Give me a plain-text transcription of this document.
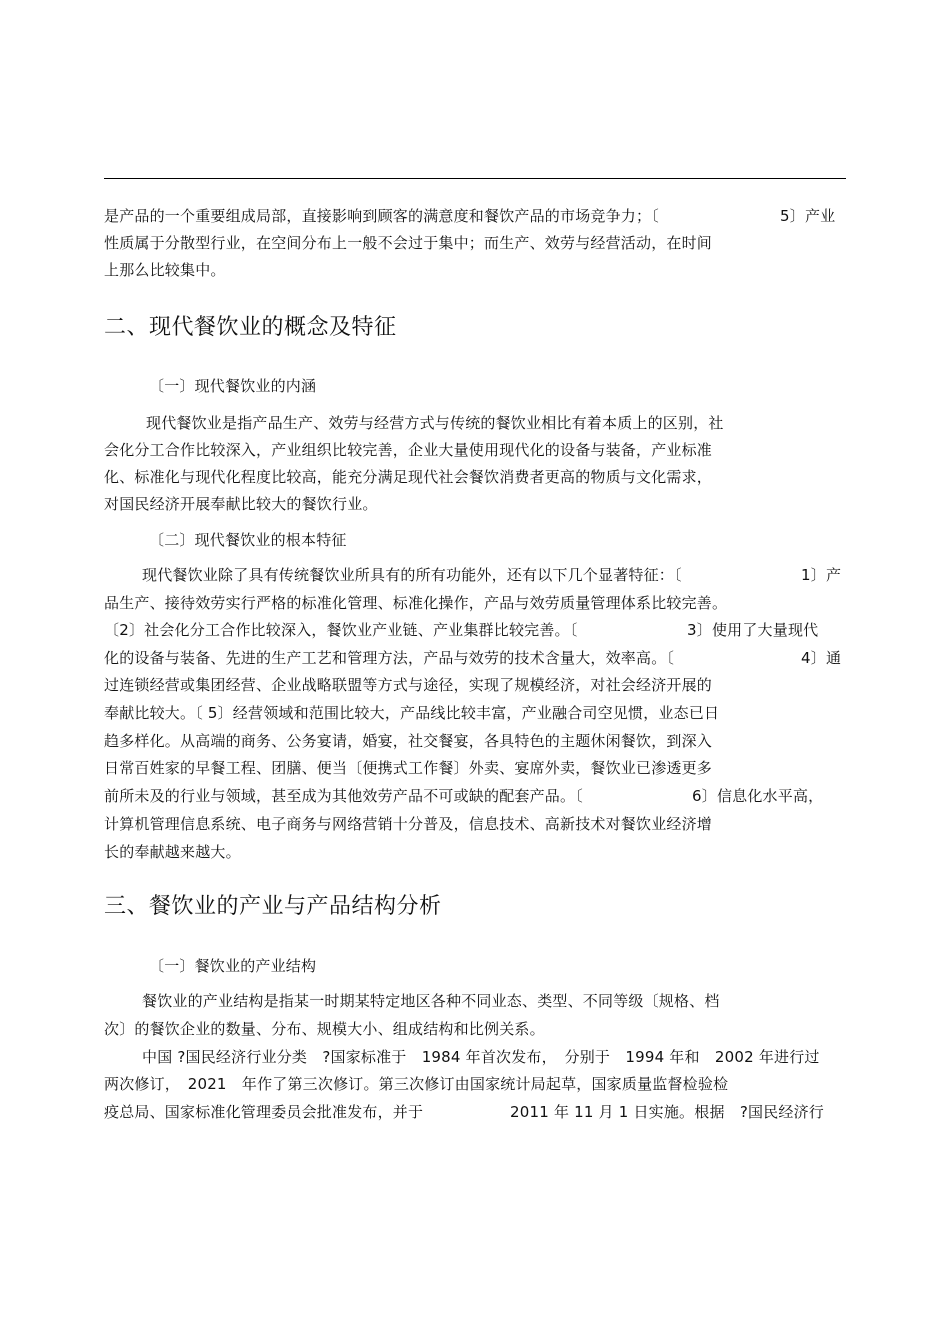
是产品的一个重要组成局部，直接影响到顾客的满意度和餐饮产品的市场竞争力；〔	5〕产业
性质属于分散型行业，在空间分布上一般不会过于集中；而生产、效劳与经营活动，在时间
上那么比较集中。
二、现代餐饮业的概念及特征
〔一〕现代餐饮业的内涵
现代餐饮业是指产品生产、效劳与经营方式与传统的餐饮业相比有着本质上的区别，社
会化分工合作比较深入，产业组织比较完善，企业大量使用现代化的设备与装备，产业标准
化、标准化与现代化程度比较高，能充分满足现代社会餐饮消费者更高的物质与文化需求，
对国民经济开展奉献比较大的餐饮行业。
〔二〕现代餐饮业的根本特征
现代餐饮业除了具有传统餐饮业所具有的所有功能外，还有以下几个显著特征：〔	1〕产
品生产、接待效劳实行严格的标准化管理、标准化操作，产品与效劳质量管理体系比较完善。
〔2〕社会化分工合作比较深入，餐饮业产业链、产业集群比较完善。〔	3〕使用了大量现代
化的设备与装备、先进的生产工艺和管理方法，产品与效劳的技术含量大，效率高。〔	4〕通
过连锁经营或集团经营、企业战略联盟等方式与途径，实现了规模经济，对社会经济开展的
奉献比较大。〔 5〕经营领域和范围比较大，产品线比较丰富，产业融合司空见惯，业态已日
趋多样化。从高端的商务、公务宴请，婚宴，社交餐宴，各具特色的主题休闲餐饮，到深入
日常百姓家的早餐工程、团膳、便当〔便携式工作餐〕外卖、宴席外卖，餐饮业已渗透更多
前所未及的行业与领域，甚至成为其他效劳产品不可或缺的配套产品。〔	6〕信息化水平高，
计算机管理信息系统、电子商务与网络营销十分普及，信息技术、高新技术对餐饮业经济增
长的奉献越来越大。
三、餐饮业的产业与产品结构分析
〔一〕餐饮业的产业结构
餐饮业的产业结构是指某一时期某特定地区各种不同业态、类型、不同等级〔规格、档
次〕的餐饮企业的数量、分布、规模大小、组成结构和比例关系。
中国 ?国民经济行业分类　?国家标准于　1984 年首次发布，　分别于　1994 年和　2002 年进行过
两次修订，　2021　年作了第三次修订。第三次修订由国家统计局起草，国家质量监督检验检
疫总局、国家标准化管理委员会批准发布，并于	2011 年 11 月 1 日实施。根据　?国民经济行
